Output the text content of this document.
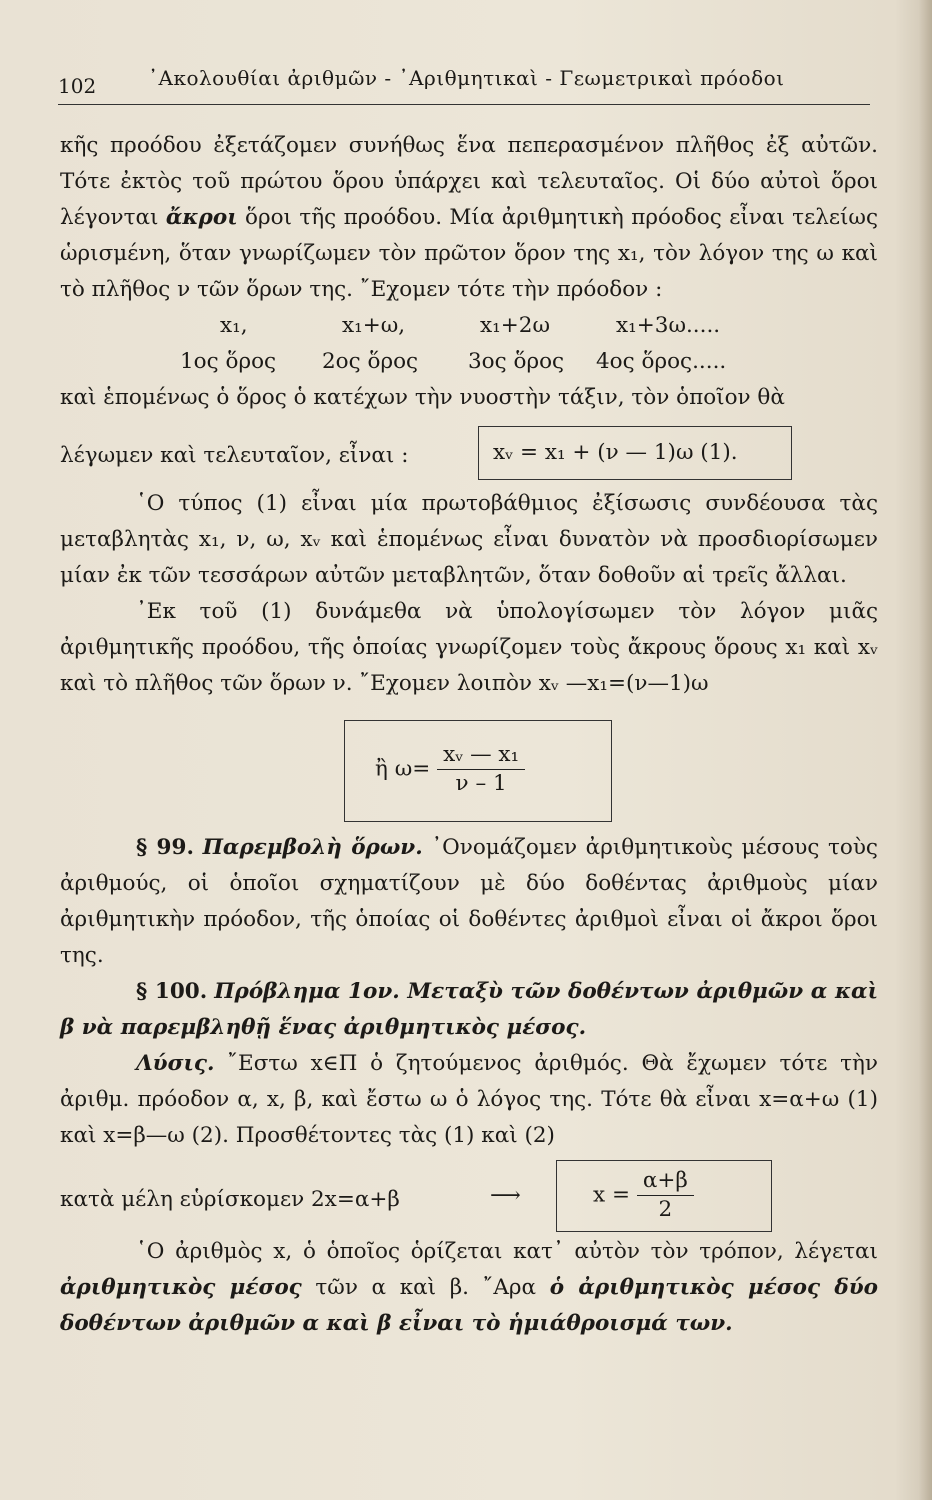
102	᾿Ακολουθίαι ἀριθμῶν - ᾿Αριθμητικαὶ - Γεωμετρικαὶ πρόοδοι

κῆς προόδου ἐξετάζομεν συνήθως ἕνα πεπερασμένον πλῆθος ἐξ αὐτῶν. Τότε ἐκτὸς τοῦ πρώτου ὅρου ὑπάρχει καὶ τελευταῖος. Οἱ δύο αὐτοὶ ὅροι λέγονται ἄκροι ὅροι τῆς προόδου. Μία ἀριθμητικὴ πρόοδος εἶναι τελείως ὡρισμένη, ὅταν γνωρίζωμεν τὸν πρῶτον ὅρον της x₁, τὸν λόγον της ω καὶ τὸ πλῆθος ν τῶν ὅρων της. ῎Εχομεν τότε τὴν πρόοδον :

x₁,	x₁+ω,	x₁+2ω	x₁+3ω.....
1ος ὅρος 2ος ὅρος 3ος ὅρος 4ος ὅρος.....

καὶ ἑπομένως ὁ ὅρος ὁ κατέχων τὴν νυοστὴν τάξιν, τὸν ὁποῖον θὰ

λέγωμεν καὶ τελευταῖον, εἶναι :	xᵥ = x₁ + (ν — 1)ω (1).

῾Ο τύπος (1) εἶναι μία πρωτοβάθμιος ἐξίσωσις συνδέουσα τὰς μεταβλητὰς x₁, ν, ω, xᵥ καὶ ἑπομένως εἶναι δυνατὸν νὰ προσδιορίσωμεν μίαν ἐκ τῶν τεσσάρων αὐτῶν μεταβλητῶν, ὅταν δοθοῦν αἱ τρεῖς ἄλλαι.

᾿Εκ τοῦ (1) δυνάμεθα νὰ ὑπολογίσωμεν τὸν λόγον μιᾶς ἀριθμητικῆς προόδου, τῆς ὁποίας γνωρίζομεν τοὺς ἄκρους ὅρους x₁ καὶ xᵥ καὶ τὸ πλῆθος τῶν ὅρων ν. ῎Εχομεν λοιπὸν xᵥ —x₁=(ν—1)ω

ἢ $\omega= \frac{\text{xᵥ — x₁}}{\nu - 1}$

§ 99. Παρεμβολὴ ὅρων. ᾿Ονομάζομεν ἀριθμητικοὺς μέσους τοὺς ἀριθμούς, οἱ ὁποῖοι σχηματίζουν μὲ δύο δοθέντας ἀριθμοὺς μίαν ἀριθμητικὴν πρόοδον, τῆς ὁποίας οἱ δοθέντες ἀριθμοὶ εἶναι οἱ ἄκροι ὅροι της.

§ 100. Πρόβλημα 1ον. Μεταξὺ τῶν δοθέντων ἀριθμῶν α καὶ β νὰ παρεμβληθῇ ἕνας ἀριθμητικὸς μέσος.

Λύσις. ῎Εστω x∈Π ὁ ζητούμενος ἀριθμός. Θὰ ἔχωμεν τότε τὴν ἀριθμ. πρόοδον α, x, β, καὶ ἔστω ω ὁ λόγος της. Τότε θὰ εἶναι x=α+ω (1) καὶ x=β—ω (2). Προσθέτοντες τὰς (1) καὶ (2)

κατὰ μέλη εὑρίσκομεν 2x=α+β	⟶	$x = \frac{\alpha+\beta}{2}$

῾Ο ἀριθμὸς x, ὁ ὁποῖος ὁρίζεται κατ᾿ αὐτὸν τὸν τρόπον, λέγεται ἀριθμητικὸς μέσος τῶν α καὶ β. ῎Αρα ὁ ἀριθμητικὸς μέσος δύο δοθέντων ἀριθμῶν α καὶ β εἶναι τὸ ἡμιάθροισμά των.
